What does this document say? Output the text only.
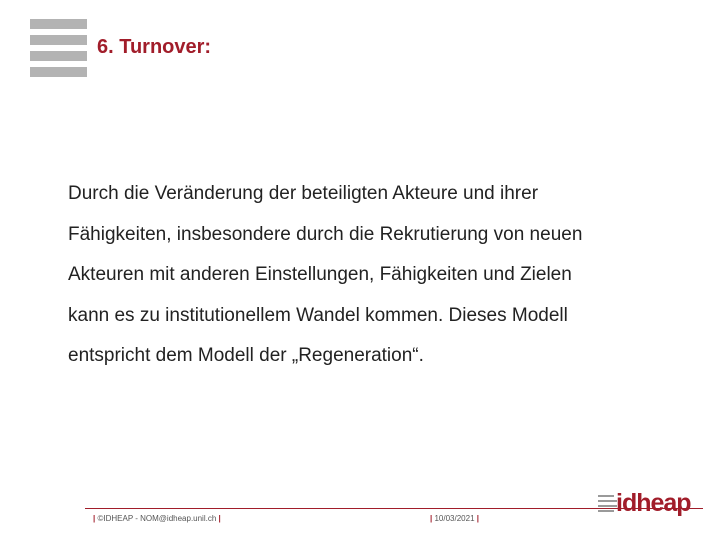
6. Turnover:
Durch die Veränderung der beteiligten Akteure und ihrer
Fähigkeiten, insbesondere durch die Rekrutierung von neuen
Akteuren mit anderen Einstellungen, Fähigkeiten und Zielen
kann es zu institutionellem Wandel kommen. Dieses Modell
entspricht dem Modell der „Regeneration“.
| ©IDHEAP - NOM@idheap.unil.ch |	| 10/03/2021 |
idheap
